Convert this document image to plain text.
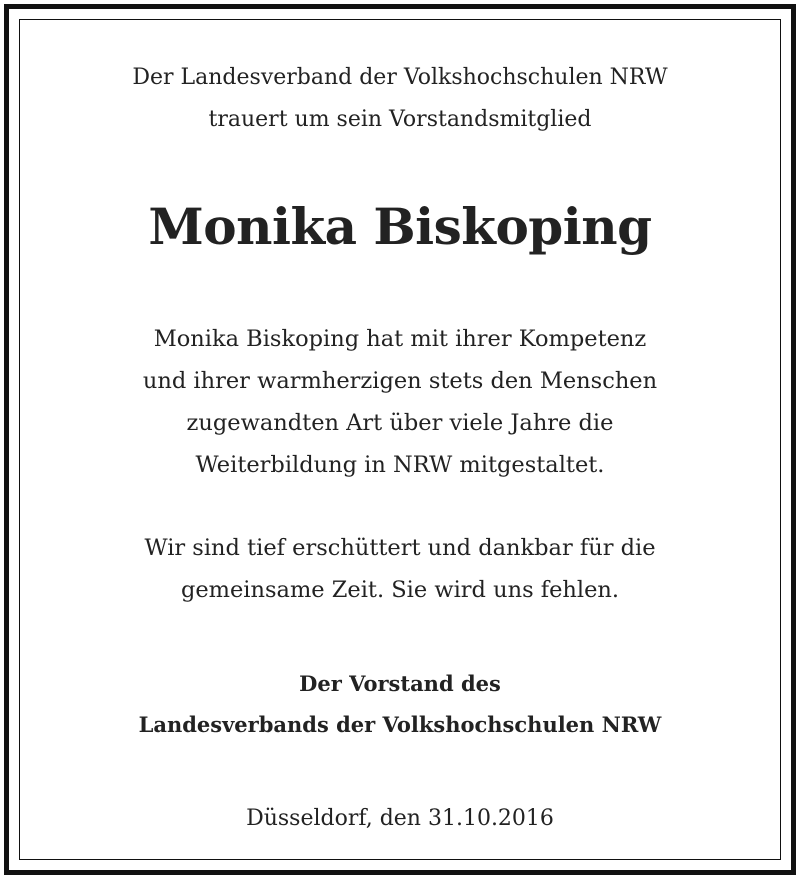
Der Landesverband der Volkshochschulen NRW
trauert um sein Vorstandsmitglied
Monika Biskoping
Monika Biskoping hat mit ihrer Kompetenz
und ihrer warmherzigen stets den Menschen
zugewandten Art über viele Jahre die
Weiterbildung in NRW mitgestaltet.
Wir sind tief erschüttert und dankbar für die
gemeinsame Zeit. Sie wird uns fehlen.
Der Vorstand des
Landesverbands der Volkshochschulen NRW
Düsseldorf, den 31.10.2016
